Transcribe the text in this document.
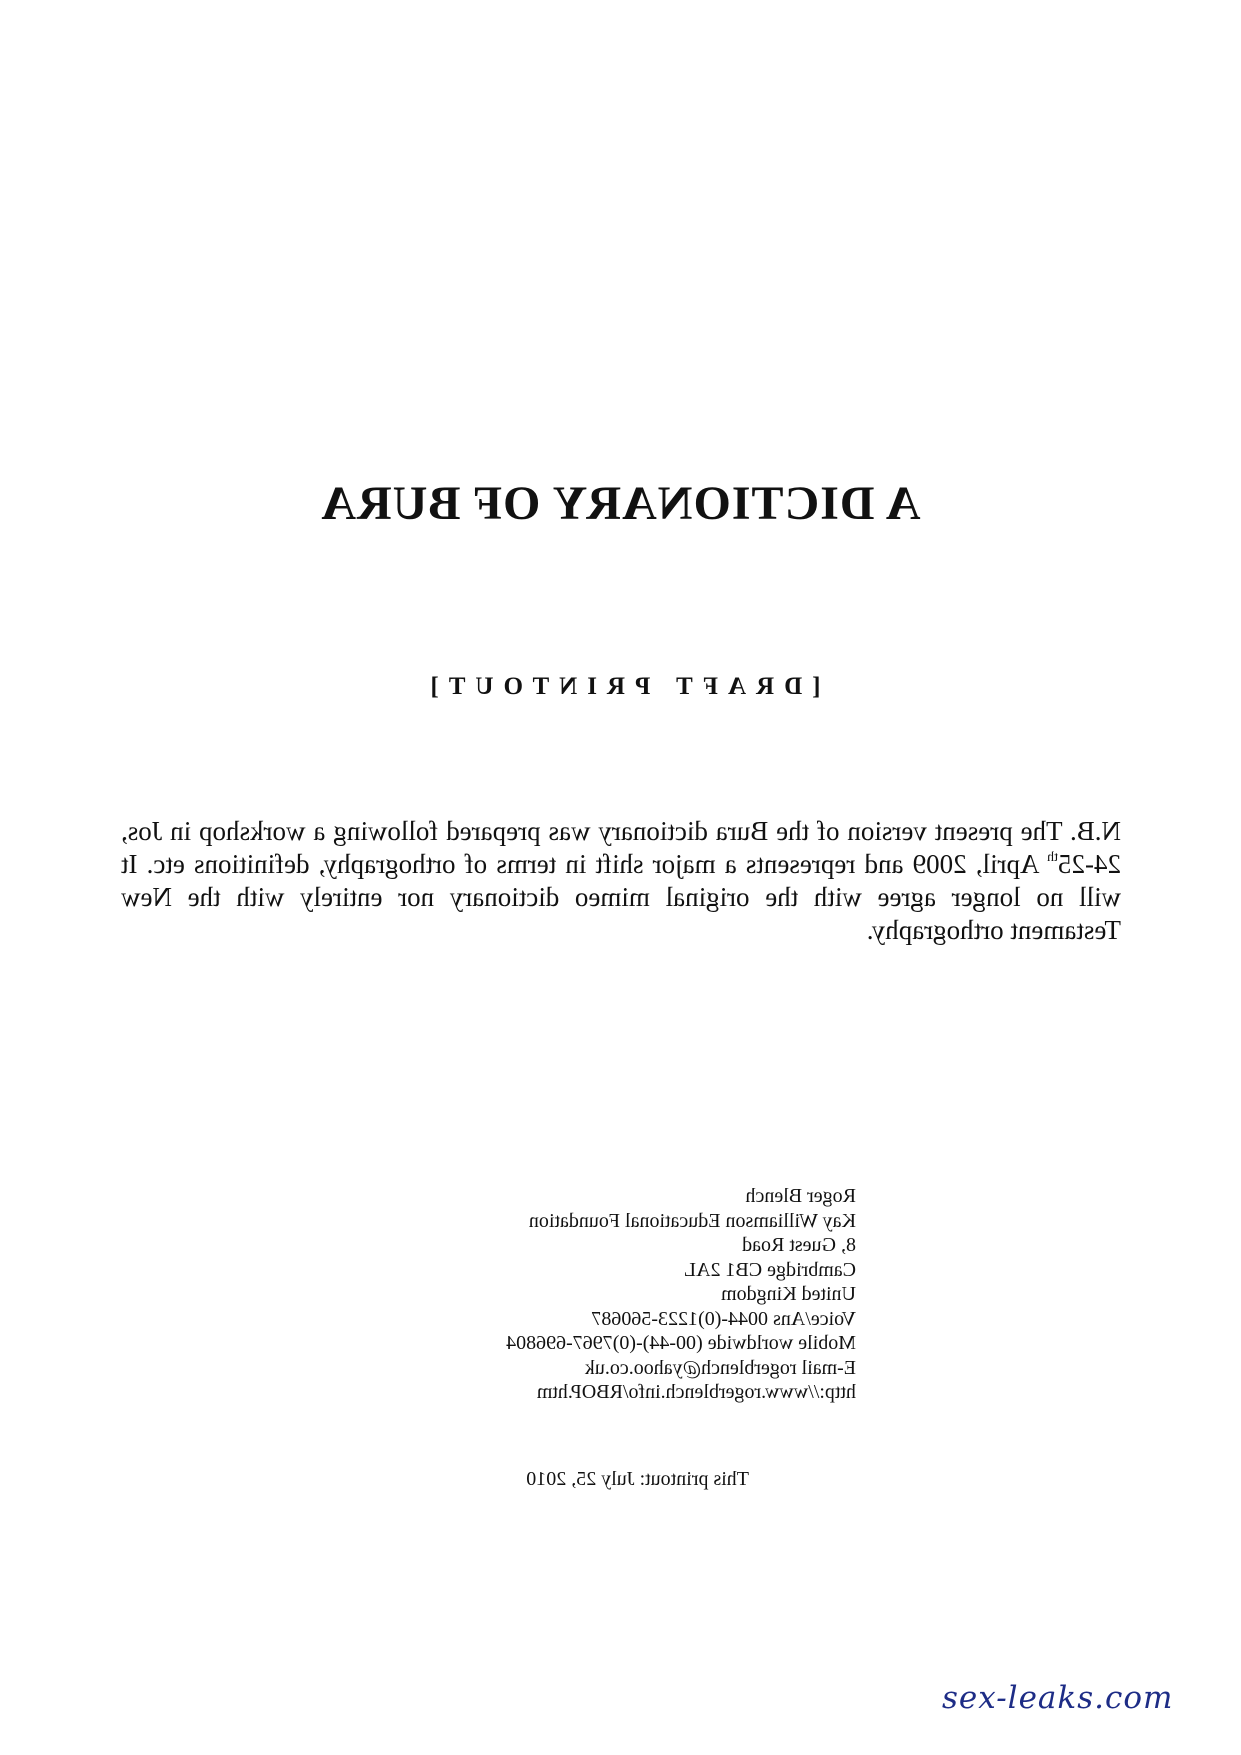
A DICTIONARY OF BURA
[DRAFT PRINTOUT]
N.B. The present version of the Bura dictionary was prepared following a workshop in Jos, 24-25th April, 2009 and represents a major shift in terms of orthography, definitions etc. It will no longer agree with the original mimeo dictionary nor entirely with the New Testament orthography.
Roger Blench
Kay Williamson Educational Foundation
8, Guest Road
Cambridge CB1 2AL
United Kingdom
Voice/Ans 0044-(0)1223-560687
Mobile worldwide (00-44)-(0)7967-696804
E-mail rogerblench@yahoo.co.uk
http://www.rogerblench.info/RBOP.htm
This printout: July 25, 2010
sex-leaks.com
